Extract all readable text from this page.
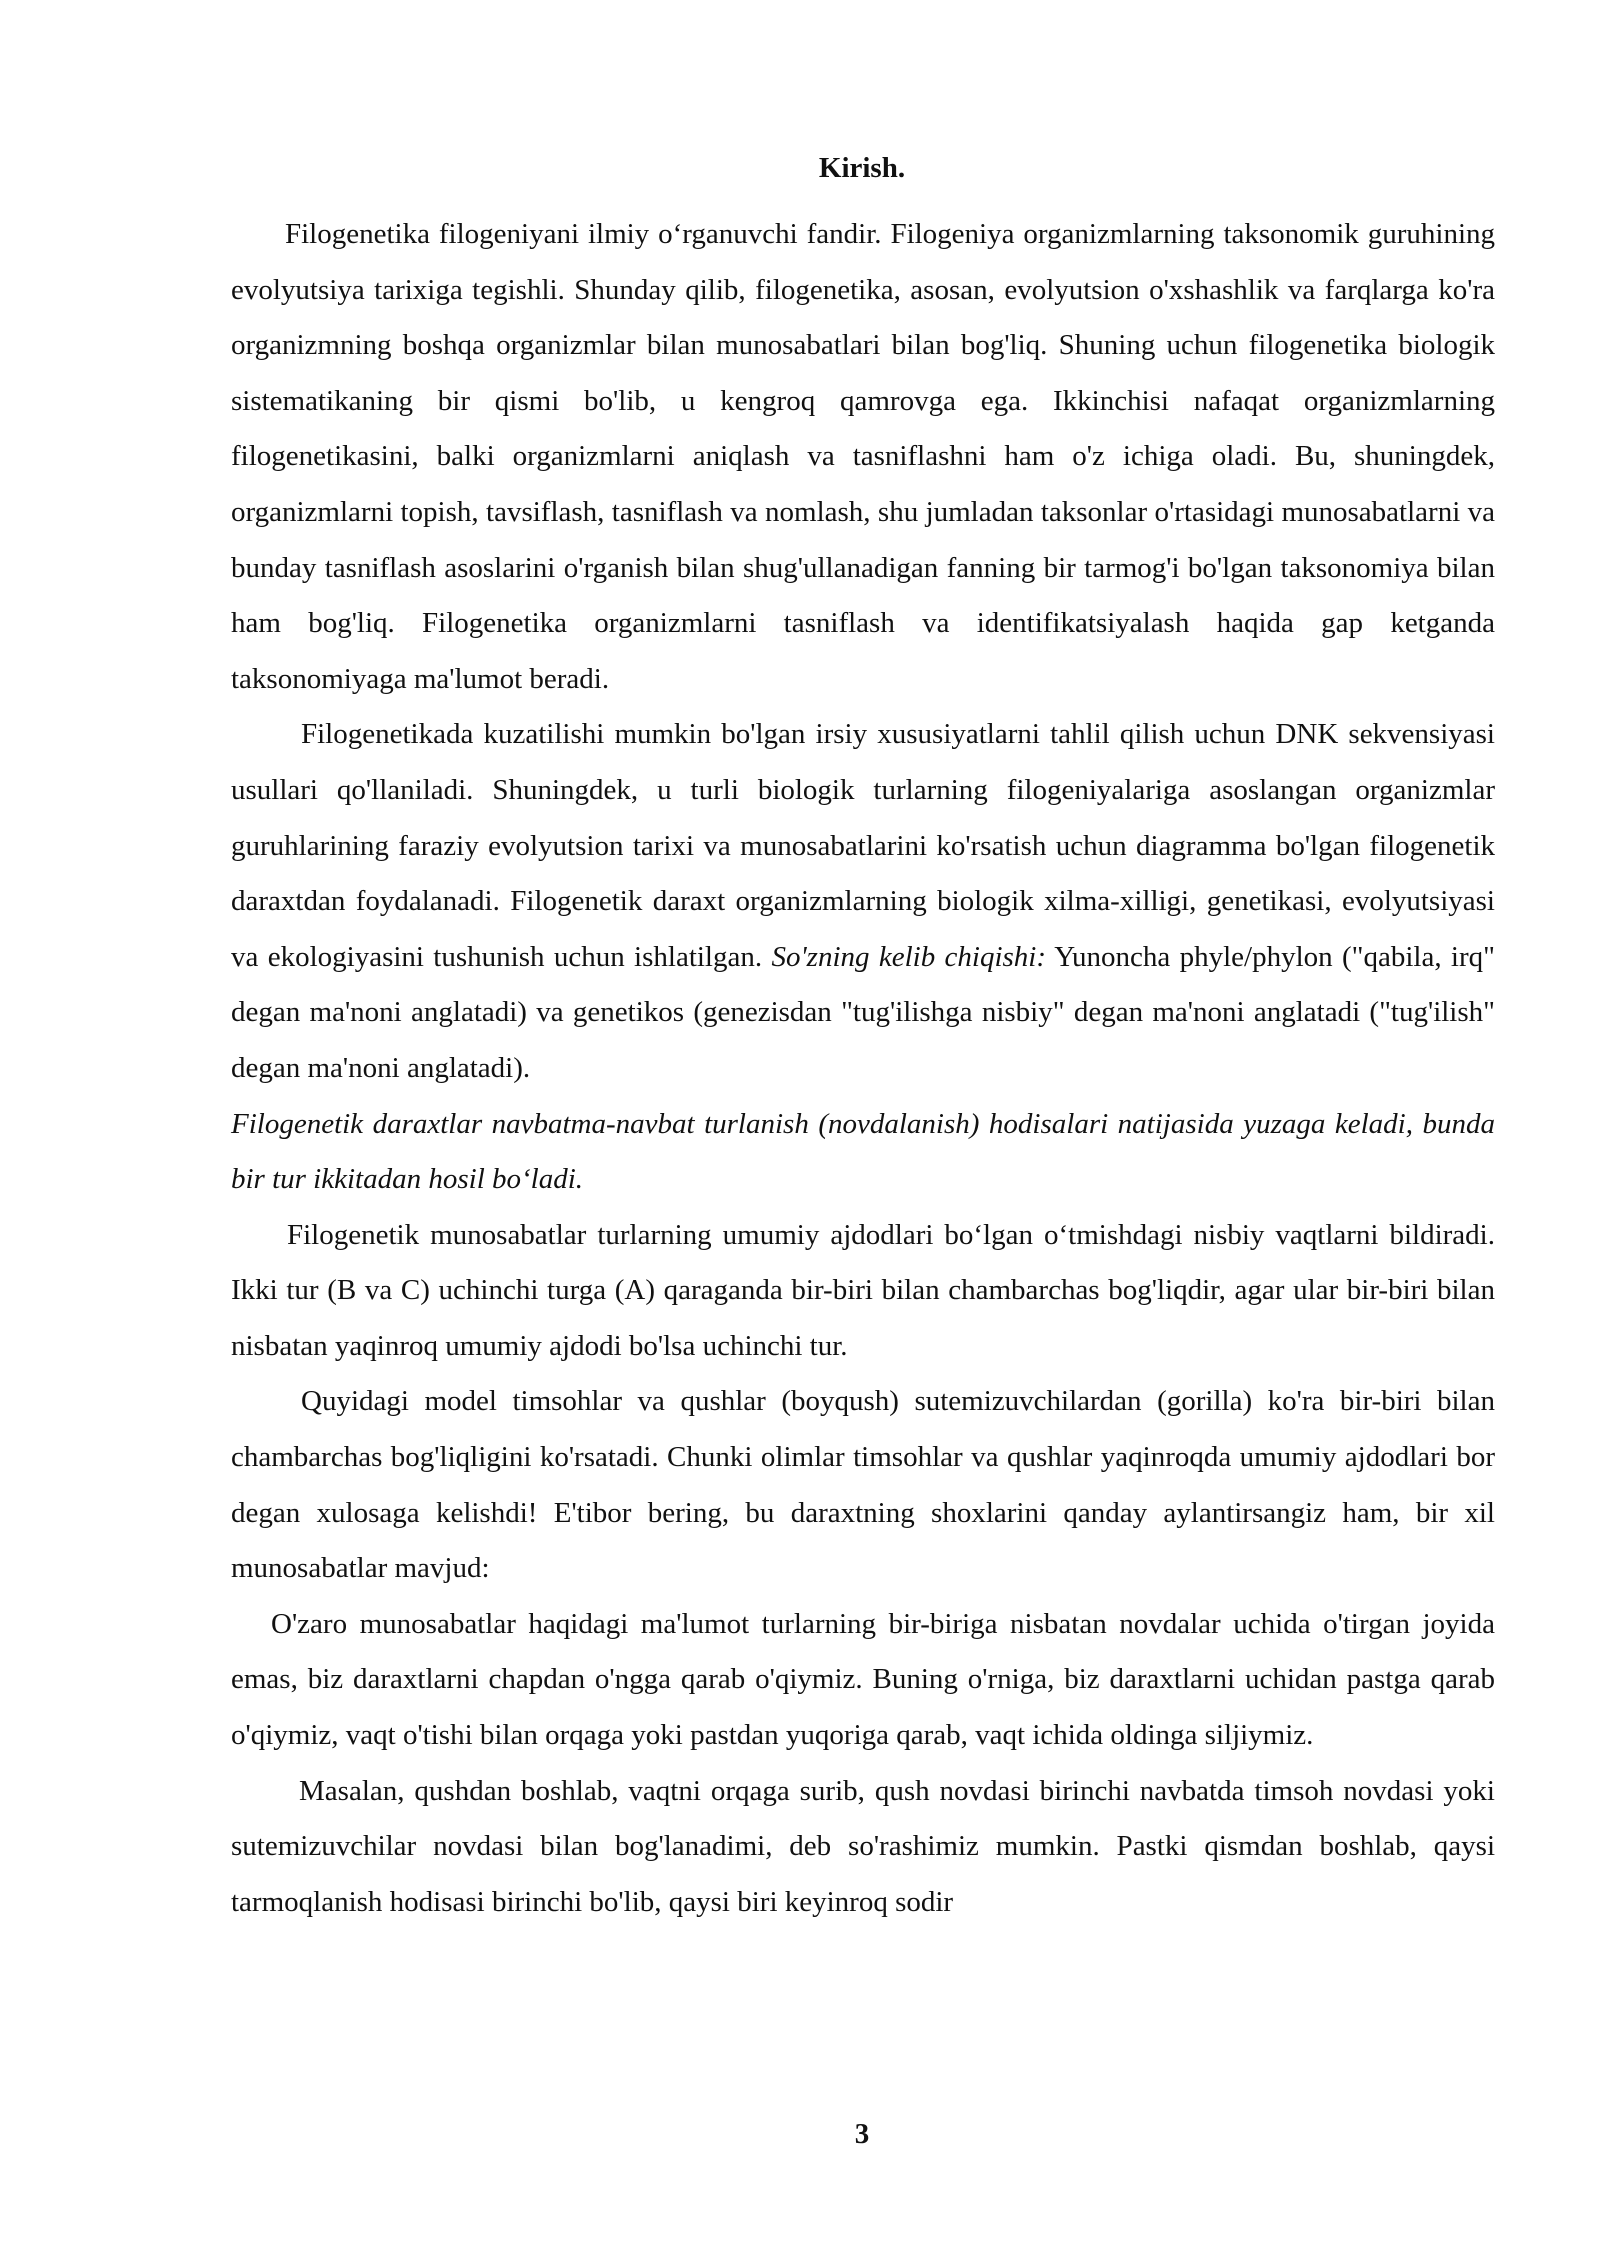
Kirish.

Filogenetika filogeniyani ilmiy o‘rganuvchi fandir. Filogeniya organizmlarning taksonomik guruhining evolyutsiya tarixiga tegishli. Shunday qilib, filogenetika, asosan, evolyutsion o'xshashlik va farqlarga ko'ra organizmning boshqa organizmlar bilan munosabatlari bilan bog'liq. Shuning uchun filogenetika biologik sistematikaning bir qismi bo'lib, u kengroq qamrovga ega. Ikkinchisi nafaqat organizmlarning filogenetikasini, balki organizmlarni aniqlash va tasniflashni ham o'z ichiga oladi. Bu, shuningdek, organizmlarni topish, tavsiflash, tasniflash va nomlash, shu jumladan taksonlar o'rtasidagi munosabatlarni va bunday tasniflash asoslarini o'rganish bilan shug'ullanadigan fanning bir tarmog'i bo'lgan taksonomiya bilan ham bog'liq. Filogenetika organizmlarni tasniflash va identifikatsiyalash haqida gap ketganda taksonomiyaga ma'lumot beradi.

Filogenetikada kuzatilishi mumkin bo'lgan irsiy xususiyatlarni tahlil qilish uchun DNK sekvensiyasi usullari qo'llaniladi. Shuningdek, u turli biologik turlarning filogeniyalariga asoslangan organizmlar guruhlarining faraziy evolyutsion tarixi va munosabatlarini ko'rsatish uchun diagramma bo'lgan filogenetik daraxtdan foydalanadi. Filogenetik daraxt organizmlarning biologik xilma-xilligi, genetikasi, evolyutsiyasi va ekologiyasini tushunish uchun ishlatilgan. So'zning kelib chiqishi: Yunoncha phyle/phylon ("qabila, irq" degan ma'noni anglatadi) va genetikos (genezisdan "tug'ilishga nisbiy" degan ma'noni anglatadi ("tug'ilish" degan ma'noni anglatadi).

Filogenetik daraxtlar navbatma-navbat turlanish (novdalanish) hodisalari natijasida yuzaga keladi, bunda bir tur ikkitadan hosil bo‘ladi.

Filogenetik munosabatlar turlarning umumiy ajdodlari bo‘lgan o‘tmishdagi nisbiy vaqtlarni bildiradi. Ikki tur (B va C) uchinchi turga (A) qaraganda bir-biri bilan chambarchas bog'liqdir, agar ular bir-biri bilan nisbatan yaqinroq umumiy ajdodi bo'lsa uchinchi tur.

Quyidagi model timsohlar va qushlar (boyqush) sutemizuvchilardan (gorilla) ko'ra bir-biri bilan chambarchas bog'liqligini ko'rsatadi. Chunki olimlar timsohlar va qushlar yaqinroqda umumiy ajdodlari bor degan xulosaga kelishdi! E'tibor bering, bu daraxtning shoxlarini qanday aylantirsangiz ham, bir xil munosabatlar mavjud:

O'zaro munosabatlar haqidagi ma'lumot turlarning bir-biriga nisbatan novdalar uchida o'tirgan joyida emas, biz daraxtlarni chapdan o'ngga qarab o'qiymiz. Buning o'rniga, biz daraxtlarni uchidan pastga qarab o'qiymiz, vaqt o'tishi bilan orqaga yoki pastdan yuqoriga qarab, vaqt ichida oldinga siljiymiz.

Masalan, qushdan boshlab, vaqtni orqaga surib, qush novdasi birinchi navbatda timsoh novdasi yoki sutemizuvchilar novdasi bilan bog'lanadimi, deb so'rashimiz mumkin. Pastki qismdan boshlab, qaysi tarmoqlanish hodisasi birinchi bo'lib, qaysi biri keyinroq sodir

3
